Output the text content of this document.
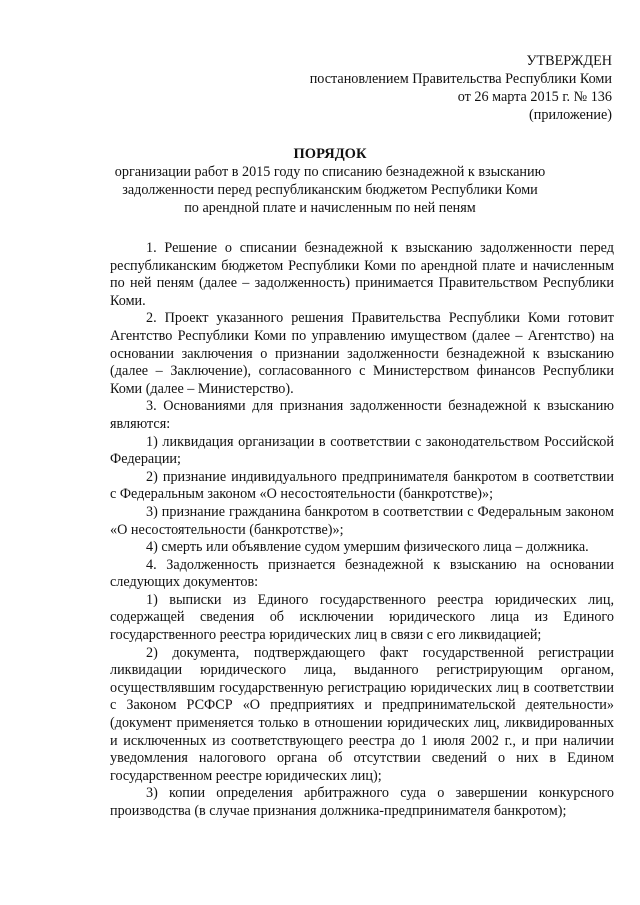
УТВЕРЖДЕН
постановлением Правительства Республики Коми
от 26 марта 2015 г. № 136
(приложение)
ПОРЯДОК
организации работ в 2015 году по списанию безнадежной к взысканию
задолженности перед республиканским бюджетом Республики Коми
по арендной плате и начисленным по ней пеням

1. Решение о списании безнадежной к взысканию задолженности перед республиканским бюджетом Республики Коми по арендной плате и начисленным по ней пеням (далее – задолженность) принимается Правительством Республики Коми.

2. Проект указанного решения Правительства Республики Коми готовит Агентство Республики Коми по управлению имуществом (далее – Агентство) на основании заключения о признании задолженности безнадежной к взысканию (далее – Заключение), согласованного с Министерством финансов Республики Коми (далее – Министерство).

3. Основаниями для признания задолженности безнадежной к взысканию являются:

1) ликвидация организации в соответствии с законодательством Российской Федерации;

2) признание индивидуального предпринимателя банкротом в соответствии с Федеральным законом «О несостоятельности (банкротстве)»;

3) признание гражданина банкротом в соответствии с Федеральным законом «О несостоятельности (банкротстве)»;

4) смерть или объявление судом умершим физического лица – должника.

4. Задолженность признается безнадежной к взысканию на основании следующих документов:

1) выписки из Единого государственного реестра юридических лиц, содержащей сведения об исключении юридического лица из Единого государственного реестра юридических лиц в связи с его ликвидацией;

2) документа, подтверждающего факт государственной регистрации ликвидации юридического лица, выданного регистрирующим органом, осуществлявшим государственную регистрацию юридических лиц в соответствии с Законом РСФСР «О предприятиях и предпринимательской деятельности» (документ применяется только в отношении юридических лиц, ликвидированных и исключенных из соответствующего реестра до 1 июля 2002 г., и при наличии уведомления налогового органа об отсутствии сведений о них в Едином государственном реестре юридических лиц);

3) копии определения арбитражного суда о завершении конкурсного производства (в случае признания должника-предпринимателя банкротом);
